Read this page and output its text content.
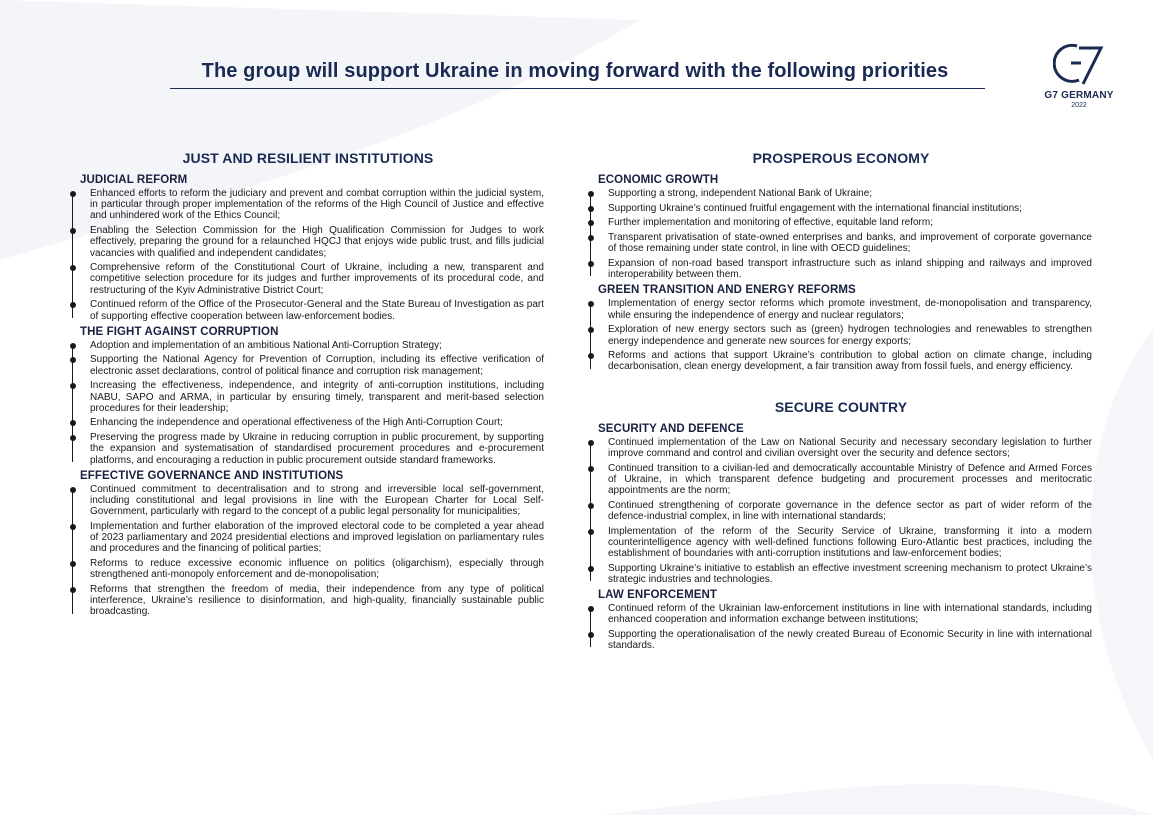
The group will support Ukraine in moving forward with the following priorities
G7 GERMANY
2022
JUST AND RESILIENT INSTITUTIONS
JUDICIAL REFORM
Enhanced efforts to reform the judiciary and prevent and combat corruption within the judicial system, in particular through proper implementation of the reforms of the High Council of Justice and effective and unhindered work of the Ethics Council;
Enabling the Selection Commission for the High Qualification Commission for Judges to work effectively, preparing the ground for a relaunched HQCJ that enjoys wide public trust, and fills judicial vacancies with qualified and independent candidates;
Comprehensive reform of the Constitutional Court of Ukraine, including a new, transparent and competitive selection procedure for its judges and further improvements of its procedural code, and restructuring of the Kyiv Administrative District Court;
Continued reform of the Office of the Prosecutor-General and the State Bureau of Investigation as part of supporting effective cooperation between law-enforcement bodies.
THE FIGHT AGAINST CORRUPTION
Adoption and implementation of an ambitious National Anti-Corruption Strategy;
Supporting the National Agency for Prevention of Corruption, including its effective verification of electronic asset declarations, control of political finance and corruption risk management;
Increasing the effectiveness, independence, and integrity of anti-corruption institutions, including NABU, SAPO and ARMA, in particular by ensuring timely, transparent and merit-based selection procedures for their leadership;
Enhancing the independence and operational effectiveness of the High Anti-Corruption Court;
Preserving the progress made by Ukraine in reducing corruption in public procurement, by supporting the expansion and systematisation of standardised procurement procedures and e-procurement platforms, and encouraging a reduction in public procurement outside standard frameworks.
EFFECTIVE GOVERNANCE AND INSTITUTIONS
Continued commitment to decentralisation and to strong and irreversible local self-government, including constitutional and legal provisions in line with the European Charter for Local Self-Government, particularly with regard to the concept of a public legal personality for municipalities;
Implementation and further elaboration of the improved electoral code to be completed a year ahead of 2023 parliamentary and 2024 presidential elections and improved legislation on parliamentary rules and procedures and the financing of political parties;
Reforms to reduce excessive economic influence on politics (oligarchism), especially through strengthened anti-monopoly enforcement and de-monopolisation;
Reforms that strengthen the freedom of media, their independence from any type of political interference, Ukraine’s resilience to disinformation, and high-quality, financially sustainable public broadcasting.
PROSPEROUS ECONOMY
ECONOMIC GROWTH
Supporting a strong, independent National Bank of Ukraine;
Supporting Ukraine’s continued fruitful engagement with the international financial institutions;
Further implementation and monitoring of effective, equitable land reform;
Transparent privatisation of state-owned enterprises and banks, and improvement of corporate governance of those remaining under state control, in line with OECD guidelines;
Expansion of non-road based transport infrastructure such as inland shipping and railways and improved interoperability between them.
GREEN TRANSITION AND ENERGY REFORMS
Implementation of energy sector reforms which promote investment, de-monopolisation and transparency, while ensuring the independence of energy and nuclear regulators;
Exploration of new energy sectors such as (green) hydrogen technologies and renewables to strengthen energy independence and generate new sources for energy exports;
Reforms and actions that support Ukraine’s contribution to global action on climate change, including decarbonisation, clean energy development, a fair transition away from fossil fuels, and energy efficiency.
SECURE COUNTRY
SECURITY AND DEFENCE
Continued implementation of the Law on National Security and necessary secondary legislation to further improve command and control and civilian oversight over the security and defence sectors;
Continued transition to a civilian-led and democratically accountable Ministry of Defence and Armed Forces of Ukraine, in which transparent defence budgeting and procurement processes and meritocratic appointments are the norm;
Continued strengthening of corporate governance in the defence sector as part of wider reform of the defence-industrial complex, in line with international standards;
Implementation of the reform of the Security Service of Ukraine, transforming it into a modern counterintelligence agency with well-defined functions following Euro-Atlantic best practices, including the establishment of boundaries with anti-corruption institutions and law-enforcement bodies;
Supporting Ukraine’s initiative to establish an effective investment screening mechanism to protect Ukraine’s strategic industries and technologies.
LAW ENFORCEMENT
Continued reform of the Ukrainian law-enforcement institutions in line with international standards, including enhanced cooperation and information exchange between institutions;
Supporting the operationalisation of the newly created Bureau of Economic Security in line with international standards.
